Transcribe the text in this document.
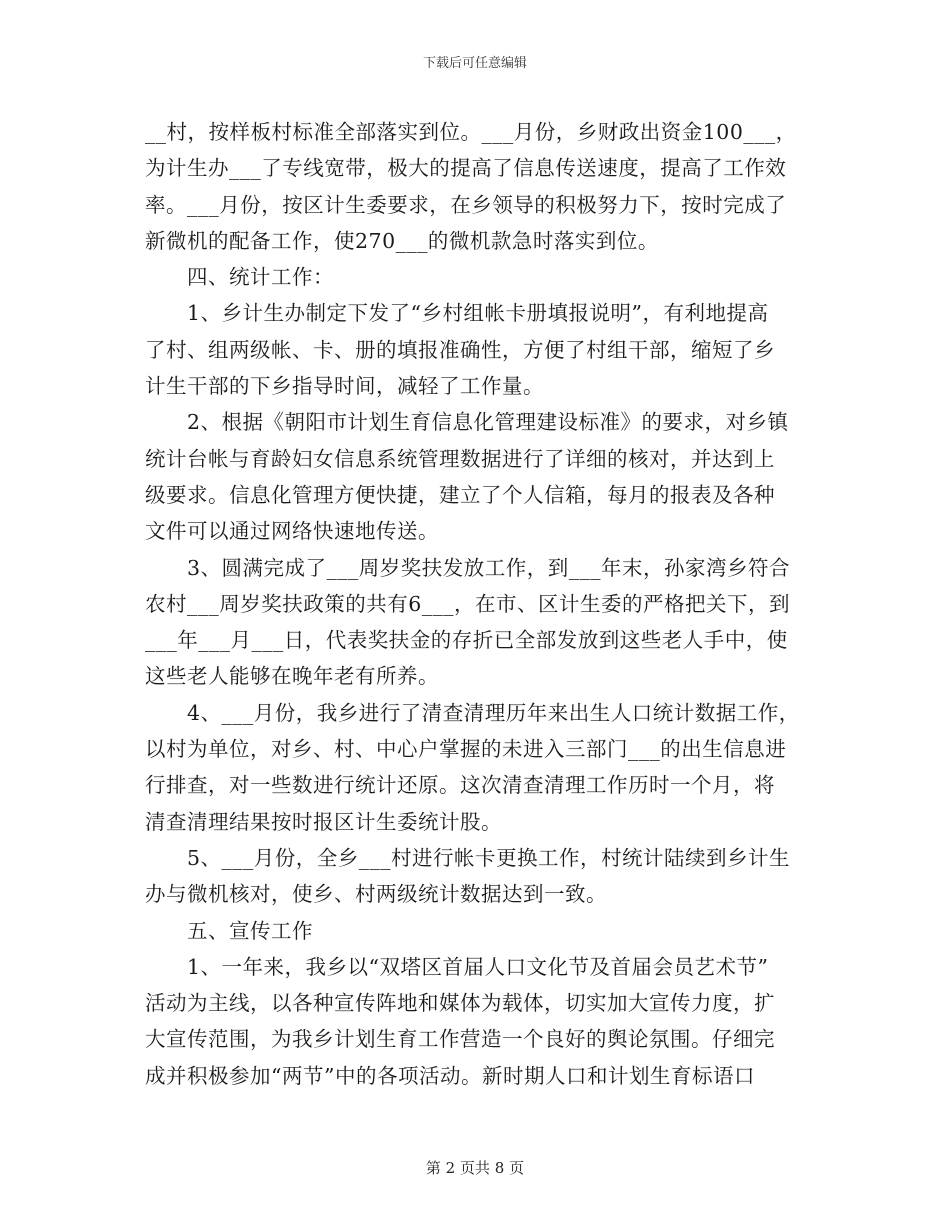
下载后可任意编辑
__村，按样板村标准全部落实到位。___月份，乡财政出资金100___，
为计生办___了专线宽带，极大的提高了信息传送速度，提高了工作效
率。___月份，按区计生委要求，在乡领导的积极努力下，按时完成了
新微机的配备工作，使270___的微机款急时落实到位。
四、统计工作：
1、乡计生办制定下发了“乡村组帐卡册填报说明”，有利地提高
了村、组两级帐、卡、册的填报准确性，方便了村组干部，缩短了乡
计生干部的下乡指导时间，减轻了工作量。
2、根据《朝阳市计划生育信息化管理建设标准》的要求，对乡镇
统计台帐与育龄妇女信息系统管理数据进行了详细的核对，并达到上
级要求。信息化管理方便快捷，建立了个人信箱，每月的报表及各种
文件可以通过网络快速地传送。
3、圆满完成了___周岁奖扶发放工作，到___年末，孙家湾乡符合
农村___周岁奖扶政策的共有6___，在市、区计生委的严格把关下，到
___年___月___日，代表奖扶金的存折已全部发放到这些老人手中，使
这些老人能够在晚年老有所养。
4、___月份，我乡进行了清查清理历年来出生人口统计数据工作，
以村为单位，对乡、村、中心户掌握的未进入三部门___的出生信息进
行排查，对一些数进行统计还原。这次清查清理工作历时一个月，将
清查清理结果按时报区计生委统计股。
5、___月份，全乡___村进行帐卡更换工作，村统计陆续到乡计生
办与微机核对，使乡、村两级统计数据达到一致。
五、宣传工作
1、一年来，我乡以“双塔区首届人口文化节及首届会员艺术节”
活动为主线，以各种宣传阵地和媒体为载体，切实加大宣传力度，扩
大宣传范围，为我乡计划生育工作营造一个良好的舆论氛围。仔细完
成并积极参加“两节”中的各项活动。新时期人口和计划生育标语口
第 2 页共 8 页
